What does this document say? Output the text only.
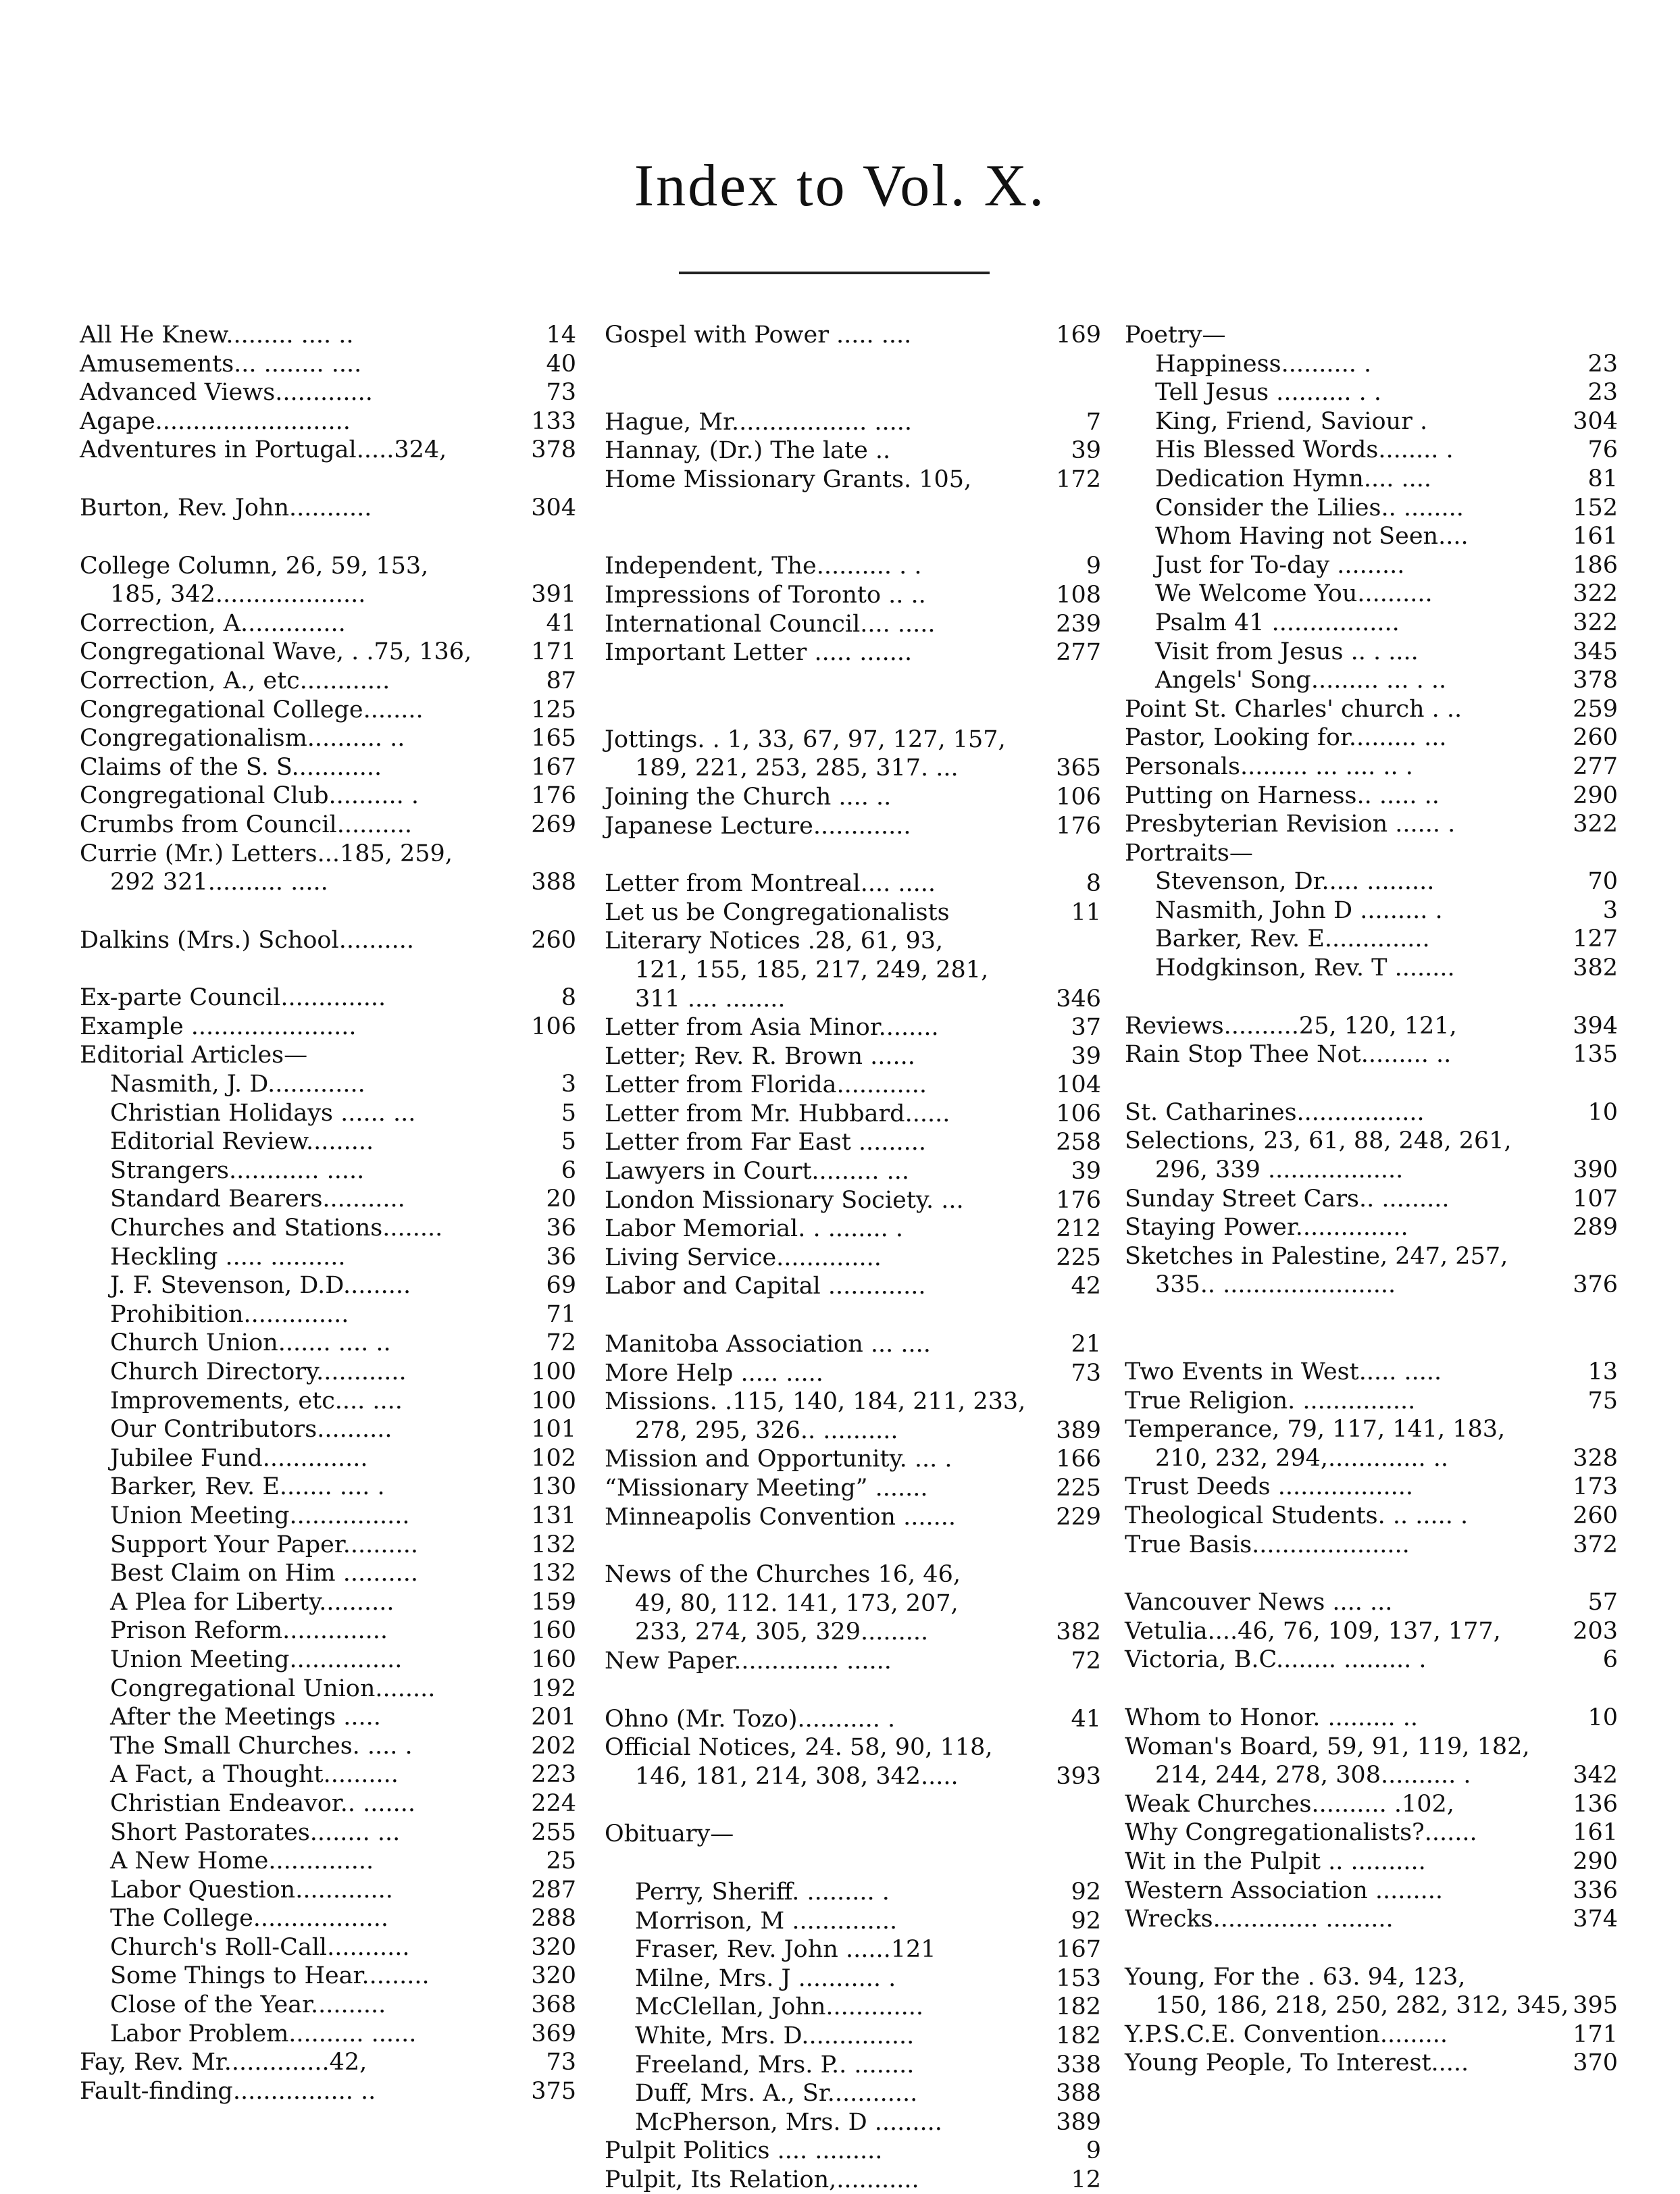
Index to Vol. X.
All He Knew......... .... ..	14
Amusements... ........ ....	40
Advanced Views.............	73
Agape..........................	133
Adventures in Portugal.....324,	378
Burton, Rev. John...........	304
College Column, 26, 59, 153,
185, 342....................	391
Correction, A..............	41
Congregational Wave, . .75, 136,	171
Correction, A., etc............	87
Congregational College........	125
Congregationalism.......... ..	165
Claims of the S. S............	167
Congregational Club.......... .	176
Crumbs from Council..........	269
Currie (Mr.) Letters...185, 259,
292 321.......... .....	388
Dalkins (Mrs.) School..........	260
Ex-parte Council..............	8
Example ......................	106
Editorial Articles—
Nasmith, J. D.............	3
Christian Holidays ...... ...	5
Editorial Review.........	5
Strangers............ .....	6
Standard Bearers...........	20
Churches and Stations........	36
Heckling ..... ..........	36
J. F. Stevenson, D.D.........	69
Prohibition..............	71
Church Union....... .... ..	72
Church Directory............	100
Improvements, etc.... ....	100
Our Contributors..........	101
Jubilee Fund..............	102
Barker, Rev. E....... .... .	130
Union Meeting................	131
Support Your Paper..........	132
Best Claim on Him ..........	132
A Plea for Liberty..........	159
Prison Reform..............	160
Union Meeting...............	160
Congregational Union........	192
After the Meetings .....	201
The Small Churches. .... .	202
A Fact, a Thought..........	223
Christian Endeavor.. .......	224
Short Pastorates........ ...	255
A New Home..............	25
Labor Question.............	287
The College..................	288
Church's Roll-Call...........	320
Some Things to Hear.........	320
Close of the Year..........	368
Labor Problem.......... ......	369
Fay, Rev. Mr..............42,	73
Fault-finding................ ..	375
Gospel with Power ..... ....	169
Hague, Mr.................. .....	7
Hannay, (Dr.) The late ..	39
Home Missionary Grants. 105,	172
Independent, The.......... . .	9
Impressions of Toronto .. ..	108
International Council.... .....	239
Important Letter ..... .......	277
Jottings. . 1, 33, 67, 97, 127, 157,
189, 221, 253, 285, 317. ...	365
Joining the Church .... ..	106
Japanese Lecture.............	176
Letter from Montreal.... .....	8
Let us be Congregationalists	11
Literary Notices .28, 61, 93,
121, 155, 185, 217, 249, 281,
311 .... ........	346
Letter from Asia Minor........	37
Letter; Rev. R. Brown ......	39
Letter from Florida............	104
Letter from Mr. Hubbard......	106
Letter from Far East .........	258
Lawyers in Court......... ...	39
London Missionary Society. ...	176
Labor Memorial. . ........ .	212
Living Service..............	225
Labor and Capital .............	42
Manitoba Association ... ....	21
More Help ..... .....	73
Missions. .115, 140, 184, 211, 233,
278, 295, 326.. ..........	389
Mission and Opportunity. ... .	166
“Missionary Meeting” .......	225
Minneapolis Convention .......	229
News of the Churches 16, 46,
49, 80, 112. 141, 173, 207,
233, 274, 305, 329.........	382
New Paper.............. ......	72
Ohno (Mr. Tozo)........... .	41
Official Notices, 24. 58, 90, 118,
146, 181, 214, 308, 342.....	393
Obituary—
Perry, Sheriff. ......... .	92
Morrison, M ..............	92
Fraser, Rev. John ......121	167
Milne, Mrs. J ........... .	153
McClellan, John.............	182
White, Mrs. D...............	182
Freeland, Mrs. P.. ........	338
Duff, Mrs. A., Sr............	388
McPherson, Mrs. D .........	389
Pulpit Politics .... .........	9
Pulpit, Its Relation,...........	12
Poetry—
Happiness.......... .	23
Tell Jesus .......... . .	23
King, Friend, Saviour .	304
His Blessed Words........ .	76
Dedication Hymn.... ....	81
Consider the Lilies.. ........	152
Whom Having not Seen....	161
Just for To-day .........	186
We Welcome You..........	322
Psalm 41 .................	322
Visit from Jesus .. . ....	345
Angels' Song......... ... . ..	378
Point St. Charles' church . ..	259
Pastor, Looking for......... ...	260
Personals......... ... .... .. .	277
Putting on Harness.. ..... ..	290
Presbyterian Revision ...... .	322
Portraits—
Stevenson, Dr..... .........	70
Nasmith, John D ......... .	3
Barker, Rev. E..............	127
Hodgkinson, Rev. T ........	382
Reviews..........25, 120, 121,	394
Rain Stop Thee Not......... ..	135
St. Catharines.................	10
Selections, 23, 61, 88, 248, 261,
296, 339 ..................	390
Sunday Street Cars.. .........	107
Staying Power...............	289
Sketches in Palestine, 247, 257,
335.. .......................	376
Two Events in West..... .....	13
True Religion. ...............	75
Temperance, 79, 117, 141, 183,
210, 232, 294,............. ..	328
Trust Deeds ..................	173
Theological Students. .. ..... .	260
True Basis.....................	372
Vancouver News .... ...	57
Vetulia....46, 76, 109, 137, 177,	203
Victoria, B.C........ ......... .	6
Whom to Honor. ......... ..	10
Woman's Board, 59, 91, 119, 182,
214, 244, 278, 308.......... .	342
Weak Churches.......... .102,	136
Why Congregationalists?.......	161
Wit in the Pulpit .. ..........	290
Western Association .........	336
Wrecks.............. .........	374
Young, For the . 63. 94, 123,
150, 186, 218, 250, 282, 312, 345, 395
Y.P.S.C.E. Convention.........	171
Young People, To Interest.....	370
